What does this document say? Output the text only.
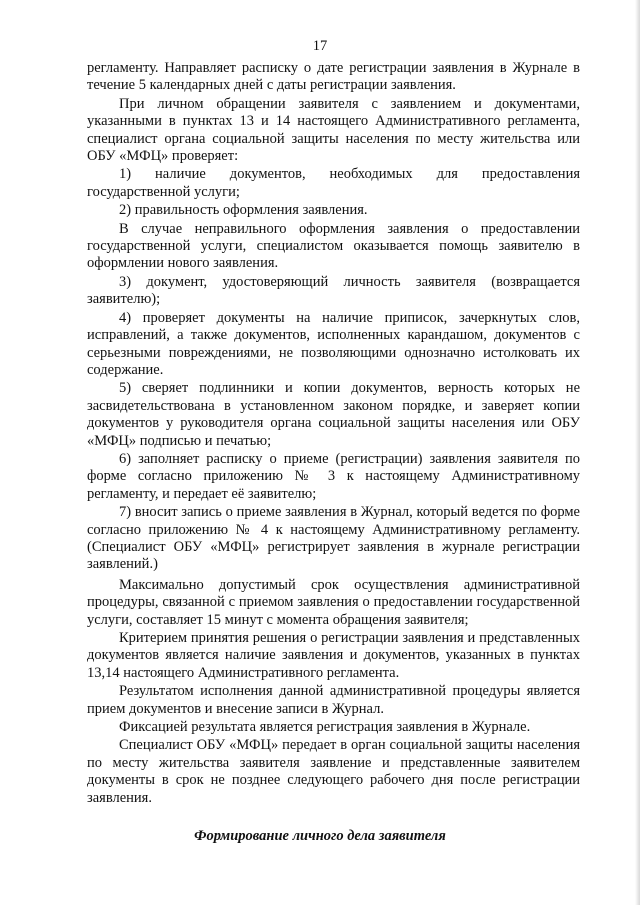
17

регламенту. Направляет расписку о дате регистрации заявления в Журнале в течение 5 календарных дней с даты регистрации заявления.

При личном обращении заявителя с заявлением и документами, указанными в пунктах 13 и 14 настоящего Административного регламента, специалист органа социальной защиты населения по месту жительства или ОБУ «МФЦ» проверяет:

1) наличие документов, необходимых для предоставления государственной услуги;

2) правильность оформления заявления.

В случае неправильного оформления заявления о предоставлении государственной услуги, специалистом оказывается помощь заявителю в оформлении нового заявления.

3) документ, удостоверяющий личность заявителя (возвращается заявителю);

4) проверяет документы на наличие приписок, зачеркнутых слов, исправлений, а также документов, исполненных карандашом, документов с серьезными повреждениями, не позволяющими однозначно истолковать их содержание.

5) сверяет подлинники и копии документов, верность которых не засвидетельствована в установленном законом порядке, и заверяет копии документов у руководителя органа социальной защиты населения или ОБУ «МФЦ» подписью и печатью;

6) заполняет расписку о приеме (регистрации) заявления заявителя по форме согласно приложению № 3 к настоящему Административному регламенту, и передает её заявителю;

7) вносит запись о приеме заявления в Журнал, который ведется по форме согласно приложению № 4 к настоящему Административному регламенту. (Специалист ОБУ «МФЦ» регистрирует заявления в журнале регистрации заявлений.)

Максимально допустимый срок осуществления административной процедуры, связанной с приемом заявления о предоставлении государственной услуги, составляет 15 минут с момента обращения заявителя;

Критерием принятия решения о регистрации заявления и представленных документов является наличие заявления и документов, указанных в пунктах 13,14 настоящего Административного регламента.

Результатом исполнения данной административной процедуры является прием документов и внесение записи в Журнал.

Фиксацией результата является регистрация заявления в Журнале.

Специалист ОБУ «МФЦ» передает в орган социальной защиты населения по месту жительства заявителя заявление и представленные заявителем документы в срок не позднее следующего рабочего дня после регистрации заявления.

Формирование личного дела заявителя
